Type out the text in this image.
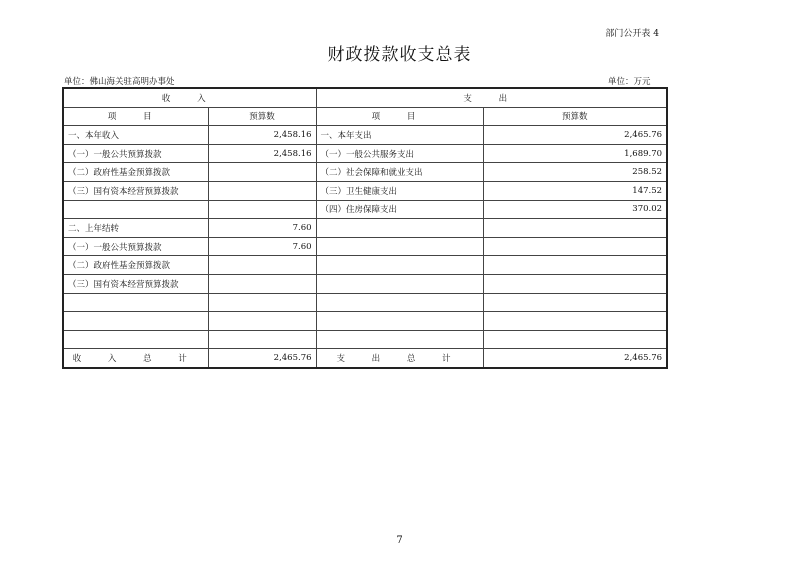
部门公开表 4
财政拨款收支总表
单位：佛山海关驻高明办事处	单位：万元
收 入		支 出	
项 目	预算数	项 目	预算数
一、本年收入	2,458.16	一、本年支出	2,465.76
（一）一般公共预算拨款	2,458.16	（一）一般公共服务支出	1,689.70
（二）政府性基金预算拨款		（二）社会保障和就业支出	258.52
（三）国有资本经营预算拨款		（三）卫生健康支出	147.52
		（四）住房保障支出	370.02
二、上年结转	7.60		
（一）一般公共预算拨款	7.60		
（二）政府性基金预算拨款			
（三）国有资本经营预算拨款			

收 入 总 计	2,465.76	支 出 总 计	2,465.76
7
